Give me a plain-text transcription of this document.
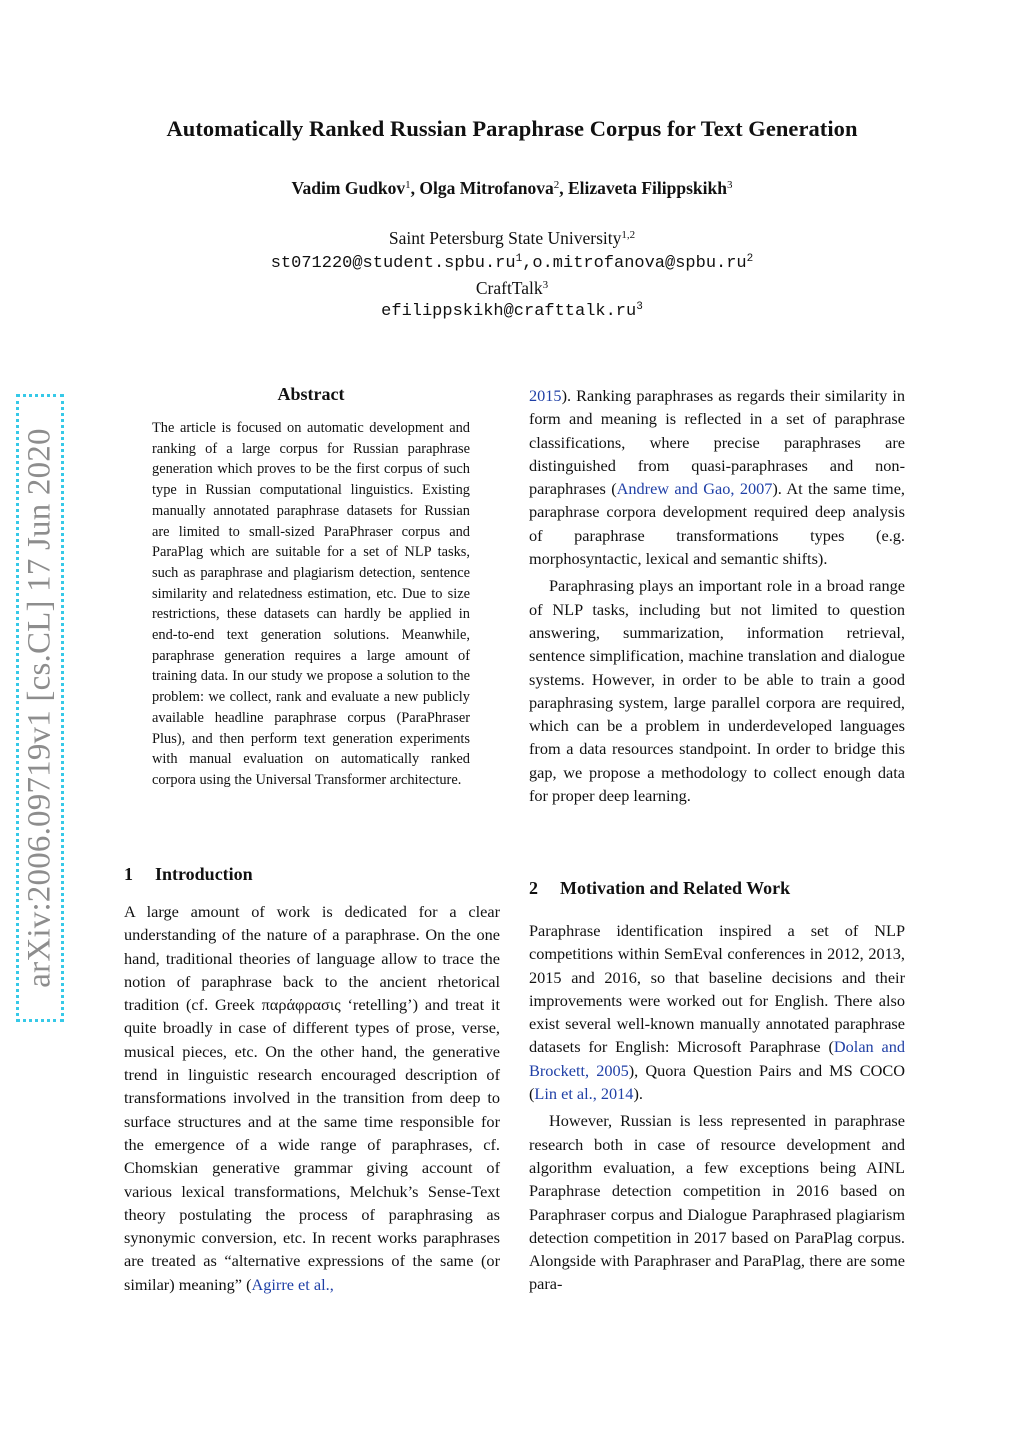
Automatically Ranked Russian Paraphrase Corpus for Text Generation
Vadim Gudkov$^1$, Olga Mitrofanova$^2$, Elizaveta Filippskikh$^3$
Saint Petersburg State University$^{1,2}$
$st071220@student.spbu.ru^1,o.mitrofanova@spbu.ru^2$
CraftTalk$^3$
$efilippskikh@crafttalk.ru^3$
arXiv:2006.09719v1 [cs.CL] 17 Jun 2020
Abstract
The article is focused on automatic development and ranking of a large corpus for Russian paraphrase generation which proves to be the first corpus of such type in Russian computational linguistics. Existing manually annotated paraphrase datasets for Russian are limited to small-sized ParaPhraser corpus and ParaPlag which are suitable for a set of NLP tasks, such as paraphrase and plagiarism detection, sentence similarity and relatedness estimation, etc. Due to size restrictions, these datasets can hardly be applied in end-to-end text generation solutions. Meanwhile, paraphrase generation requires a large amount of training data. In our study we propose a solution to the problem: we collect, rank and evaluate a new publicly available headline paraphrase corpus (ParaPhraser Plus), and then perform text generation experiments with manual evaluation on automatically ranked corpora using the Universal Transformer architecture.
1 Introduction

A large amount of work is dedicated for a clear understanding of the nature of a paraphrase. On the one hand, traditional theories of language allow to trace the notion of paraphrase back to the ancient rhetorical tradition (cf. Greek παράφρασις ‘retelling’) and treat it quite broadly in case of different types of prose, verse, musical pieces, etc. On the other hand, the generative trend in linguistic research encouraged description of transformations involved in the transition from deep to surface structures and at the same time responsible for the emergence of a wide range of paraphrases, cf. Chomskian generative grammar giving account of various lexical transformations, Melchuk’s Sense-Text theory postulating the process of paraphrasing as synonymic conversion, etc. In recent works paraphrases are treated as “alternative expressions of the same (or similar) meaning” (Agirre et al.,

2015). Ranking paraphrases as regards their similarity in form and meaning is reflected in a set of paraphrase classifications, where precise paraphrases are distinguished from quasi-paraphrases and non-paraphrases (Andrew and Gao, 2007). At the same time, paraphrase corpora development required deep analysis of paraphrase transformations types (e.g. morphosyntactic, lexical and semantic shifts).

Paraphrasing plays an important role in a broad range of NLP tasks, including but not limited to question answering, summarization, information retrieval, sentence simplification, machine translation and dialogue systems. However, in order to be able to train a good paraphrasing system, large parallel corpora are required, which can be a problem in underdeveloped languages from a data resources standpoint. In order to bridge this gap, we propose a methodology to collect enough data for proper deep learning.

2 Motivation and Related Work

Paraphrase identification inspired a set of NLP competitions within SemEval conferences in 2012, 2013, 2015 and 2016, so that baseline decisions and their improvements were worked out for English. There also exist several well-known manually annotated paraphrase datasets for English: Microsoft Paraphrase (Dolan and Brockett, 2005), Quora Question Pairs and MS COCO (Lin et al., 2014).

However, Russian is less represented in paraphrase research both in case of resource development and algorithm evaluation, a few exceptions being AINL Paraphrase detection competition in 2016 based on Paraphraser corpus and Dialogue Paraphrased plagiarism detection competition in 2017 based on ParaPlag corpus. Alongside with Paraphraser and ParaPlag, there are some para-
